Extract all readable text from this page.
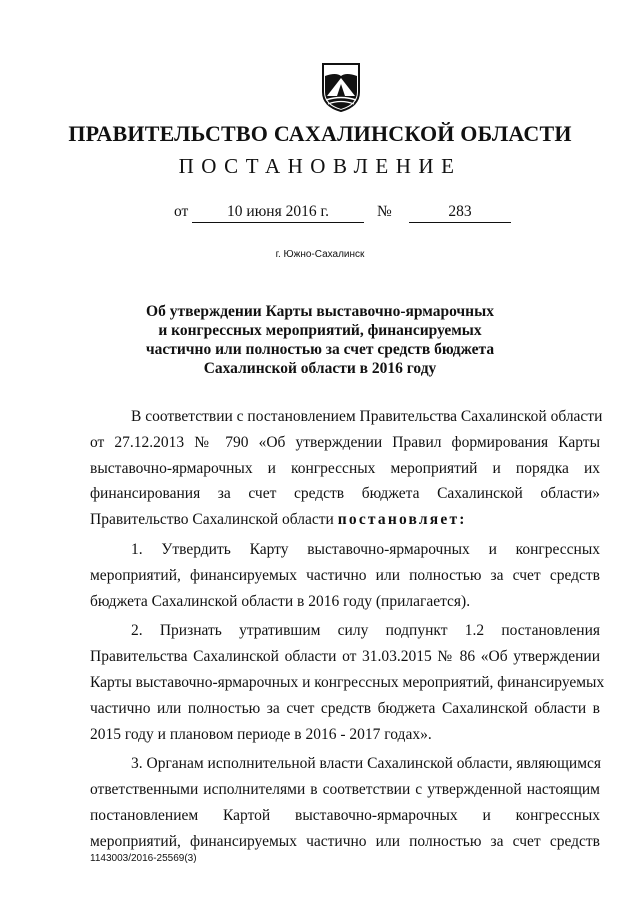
ПРАВИТЕЛЬСТВО САХАЛИНСКОЙ ОБЛАСТИ
ПОСТАНОВЛЕНИЕ
от	10 июня 2016 г.	№	283
г. Южно-Сахалинск
Об утверждении Карты выставочно-ярмарочных
и конгрессных мероприятий, финансируемых
частично или полностью за счет средств бюджета
Сахалинской области в 2016 году
В соответствии с постановлением Правительства Сахалинской области
от 27.12.2013 № 790 «Об утверждении Правил формирования Карты
выставочно-ярмарочных и конгрессных мероприятий и порядка их
финансирования за счет средств бюджета Сахалинской области»
Правительство Сахалинской области постановляет:
1. Утвердить Карту выставочно-ярмарочных и конгрессных
мероприятий, финансируемых частично или полностью за счет средств
бюджета Сахалинской области в 2016 году (прилагается).
2. Признать утратившим силу подпункт 1.2 постановления
Правительства Сахалинской области от 31.03.2015 № 86 «Об утверждении
Карты выставочно-ярмарочных и конгрессных мероприятий, финансируемых
частично или полностью за счет средств бюджета Сахалинской области в
2015 году и плановом периоде в 2016 - 2017 годах».
3. Органам исполнительной власти Сахалинской области, являющимся
ответственными исполнителями в соответствии с утвержденной настоящим
постановлением Картой выставочно-ярмарочных и конгрессных
мероприятий, финансируемых частично или полностью за счет средств
1143003/2016-25569(3)
